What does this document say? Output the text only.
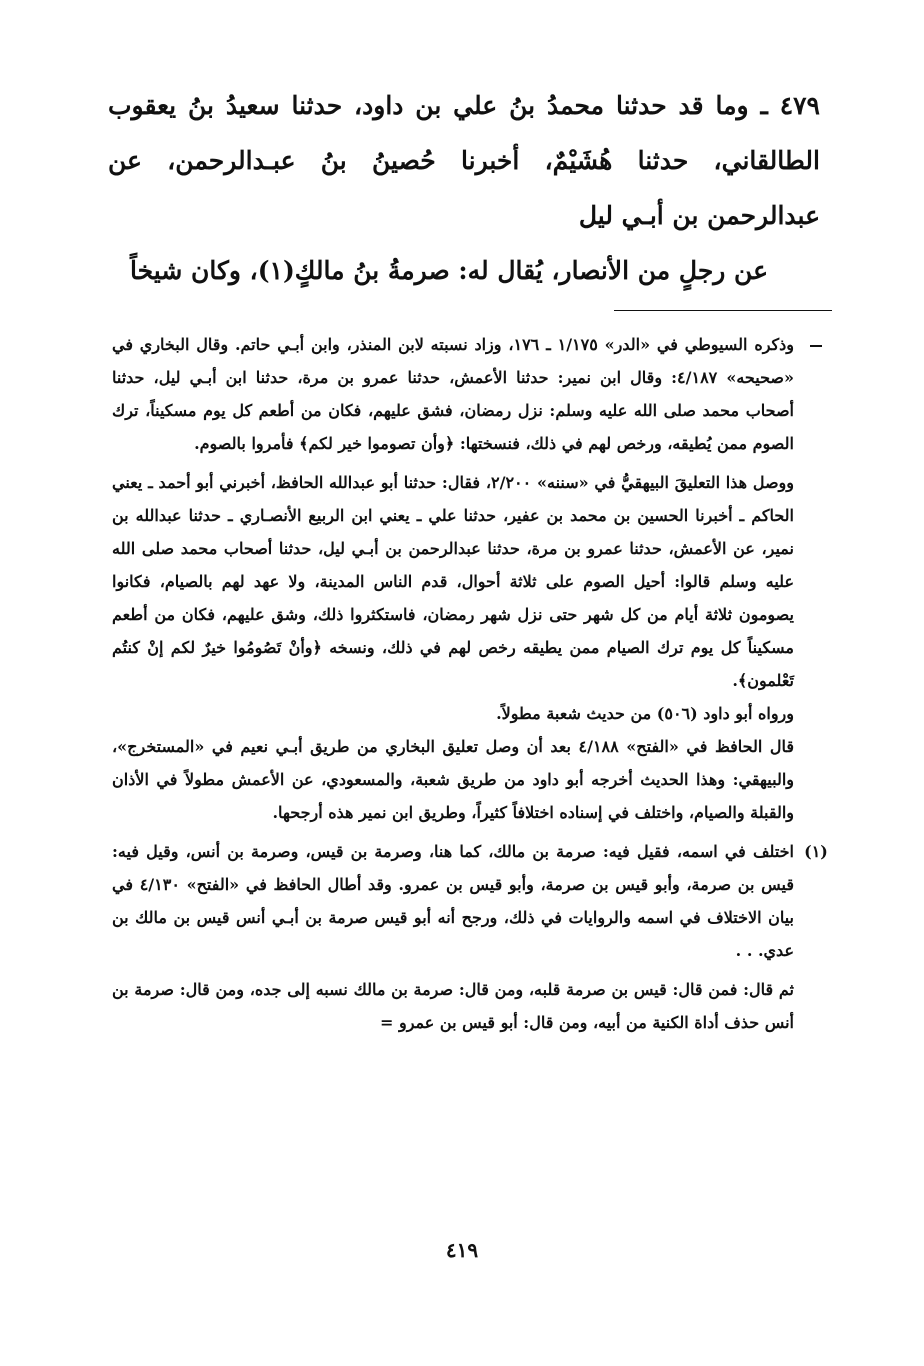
٤٧٩ ـ وما قد حدثنا محمدُ بنُ علي بن داود، حدثنا سعيدُ بنُ يعقوب الطالقاني، حدثنا هُشَيْمٌ، أخبرنا حُصينُ بنُ عبـدالرحمن، عن عبدالرحمن بن أبـي ليل

عن رجلٍ من الأنصار، يُقال له: صرمةُ بنُ مالكٍ(١)، وكان شيخاً

وذكره السيوطي في «الدر» ١/١٧٥ ـ ١٧٦، وزاد نسبته لابن المنذر، وابن أبـي حاتم. وقال البخاري في «صحيحه» ٤/١٨٧: وقال ابن نمير: حدثنا الأعمش، حدثنا عمرو بن مرة، حدثنا ابن أبـي ليل، حدثنا أصحاب محمد صلى الله عليه وسلم: نزل رمضان، فشق عليهم، فكان من أطعم كل يوم مسكيناً، ترك الصوم ممن يُطيقه، ورخص لهم في ذلك، فنسختها: ﴿وأن تصوموا خير لكم﴾ فأمروا بالصوم.

ووصل هذا التعليقَ البيهقيُّ في «سننه» ٢/٢٠٠، فقال: حدثنا أبو عبدالله الحافظ، أخبرني أبو أحمد ـ يعني الحاكم ـ أخبرنا الحسين بن محمد بن عفير، حدثنا علي ـ يعني ابن الربيع الأنصـاري ـ حدثنا عبدالله بن نمير، عن الأعمش، حدثنا عمرو بن مرة، حدثنا عبدالرحمن بن أبـي ليل، حدثنا أصحاب محمد صلى الله عليه وسلم قالوا: أحيل الصوم على ثلاثة أحوال، قدم الناس المدينة، ولا عهد لهم بالصيام، فكانوا يصومون ثلاثة أيام من كل شهر حتى نزل شهر رمضان، فاستكثروا ذلك، وشق عليهم، فكان من أطعم مسكيناً كل يوم ترك الصيام ممن يطيقه رخص لهم في ذلك، ونسخه ﴿وأنْ تَصُومُوا خيرٌ لكم إنْ كنتُم تَعْلمون﴾.

ورواه أبو داود (٥٠٦) من حديث شعبة مطولاً.

قال الحافظ في «الفتح» ٤/١٨٨ بعد أن وصل تعليق البخاري من طريق أبـي نعيم في «المستخرج»، والبيهقي: وهذا الحديث أخرجه أبو داود من طريق شعبة، والمسعودي، عن الأعمش مطولاً في الأذان والقبلة والصيام، واختلف في إسناده اختلافاً كثيراً، وطريق ابن نمير هذه أرجحها.

(١)
اختلف في اسمه، فقيل فيه: صرمة بن مالك، كما هنا، وصرمة بن قيس، وصرمة بن أنس، وقيل فيه: قيس بن صرمة، وأبو قيس بن صرمة، وأبو قيس بن عمرو. وقد أطال الحافظ في «الفتح» ٤/١٣٠ في بيان الاختلاف في اسمه والروايات في ذلك، ورجح أنه أبو قيس صرمة بن أبـي أنس قيس بن مالك بن عدي. . .

ثم قال: فمن قال: قيس بن صرمة قلبه، ومن قال: صرمة بن مالك نسبه إلى جده، ومن قال: صرمة بن أنس حذف أداة الكنية من أبيه، ومن قال: أبو قيس بن عمرو =

٤١٩
